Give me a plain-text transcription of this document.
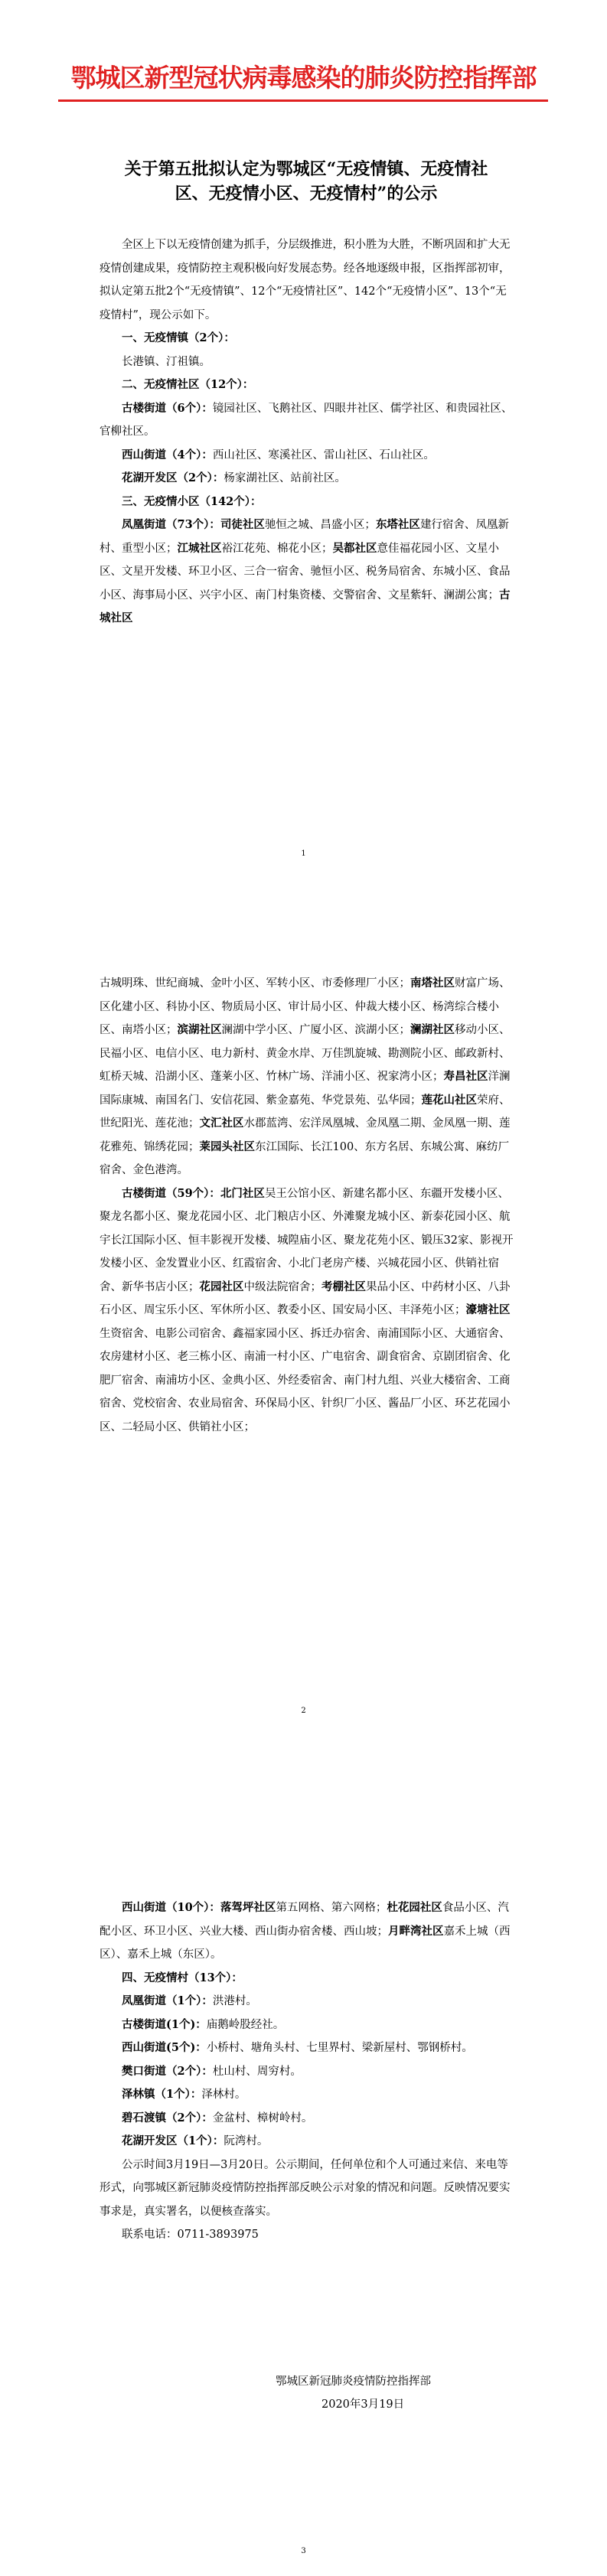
鄂城区新型冠状病毒感染的肺炎防控指挥部
关于第五批拟认定为鄂城区“无疫情镇、无疫情社区、无疫情小区、无疫情村”的公示

全区上下以无疫情创建为抓手，分层级推进，积小胜为大胜，不断巩固和扩大无疫情创建成果，疫情防控主观积极向好发展态势。经各地逐级申报，区指挥部初审，拟认定第五批2个“无疫情镇”、12个“无疫情社区”、142个“无疫情小区”、13个“无疫情村”，现公示如下。

一、无疫情镇（2个）：

长港镇、汀祖镇。

二、无疫情社区（12个）：

古楼街道（6个）：镜园社区、飞鹅社区、四眼井社区、儒学社区、和贵园社区、官柳社区。

西山街道（4个）：西山社区、寒溪社区、雷山社区、石山社区。

花湖开发区（2个）：杨家湖社区、站前社区。

三、无疫情小区（142个）：

凤凰街道（73个）：司徒社区驰恒之城、昌盛小区；东塔社区建行宿舍、凤凰新村、重型小区；江城社区裕江花苑、棉花小区；吴都社区意佳福花园小区、文星小区、文星开发楼、环卫小区、三合一宿舍、驰恒小区、税务局宿舍、东城小区、食品小区、海事局小区、兴宇小区、南门村集资楼、交警宿舍、文星紫轩、澜湖公寓；古城社区

1

古城明珠、世纪商城、金叶小区、军转小区、市委修理厂小区；南塔社区财富广场、区化建小区、科协小区、物质局小区、审计局小区、仲裁大楼小区、杨湾综合楼小区、南塔小区；滨湖社区澜湖中学小区、广厦小区、滨湖小区；澜湖社区移动小区、民福小区、电信小区、电力新村、黄金水岸、万佳凯旋城、勘测院小区、邮政新村、虹桥天城、沿湖小区、蓬莱小区、竹林广场、洋浦小区、祝家湾小区；寿昌社区洋澜国际康城、南国名门、安信花园、紫金嘉苑、华党景苑、弘华园；莲花山社区荣府、世纪阳光、莲花池；文汇社区水郡蓝湾、宏洋凤凰城、金凤凰二期、金凤凰一期、莲花雅苑、锦绣花园；莱园头社区东江国际、长江100、东方名居、东城公寓、麻纺厂宿舍、金色港湾。

古楼街道（59个）：北门社区吴王公馆小区、新建名都小区、东疆开发楼小区、聚龙名都小区、聚龙花园小区、北门粮店小区、外滩聚龙城小区、新泰花园小区、航宇长江国际小区、恒丰影视开发楼、城隍庙小区、聚龙花苑小区、锻压32家、影视开发楼小区、金发置业小区、红霞宿舍、小北门老房产楼、兴城花园小区、供销社宿舍、新华书店小区；花园社区中级法院宿舍；考棚社区果品小区、中药材小区、八卦石小区、周宝乐小区、军休所小区、教委小区、国安局小区、丰泽苑小区；濠塘社区生资宿舍、电影公司宿舍、鑫福家园小区、拆迁办宿舍、南浦国际小区、大通宿舍、农房建材小区、老三栋小区、南浦一村小区、广电宿舍、副食宿舍、京剧团宿舍、化肥厂宿舍、南浦坊小区、金典小区、外经委宿舍、南门村九组、兴业大楼宿舍、工商宿舍、党校宿舍、农业局宿舍、环保局小区、针织厂小区、酱品厂小区、环艺花园小区、二轻局小区、供销社小区；

2

西山街道（10个）：落驾坪社区第五网格、第六网格；杜花园社区食品小区、汽配小区、环卫小区、兴业大楼、西山街办宿舍楼、西山坡；月畔湾社区嘉禾上城（西区）、嘉禾上城（东区）。

四、无疫情村（13个）：

凤凰街道（1个）：洪港村。

古楼街道(1个)：庙鹅岭股经社。

西山街道(5个)：小桥村、塘角头村、七里界村、梁新屋村、鄂钢桥村。

樊口街道（2个）：杜山村、周穷村。

泽林镇（1个）：泽林村。

碧石渡镇（2个）：金盆村、樟树岭村。

花湖开发区（1个）：阮湾村。

公示时间3月19日—3月20日。公示期间，任何单位和个人可通过来信、来电等形式，向鄂城区新冠肺炎疫情防控指挥部反映公示对象的情况和问题。反映情况要实事求是，真实署名，以便核查落实。

联系电话：0711-3893975

鄂城区新冠肺炎疫情防控指挥部
2020年3月19日
3
